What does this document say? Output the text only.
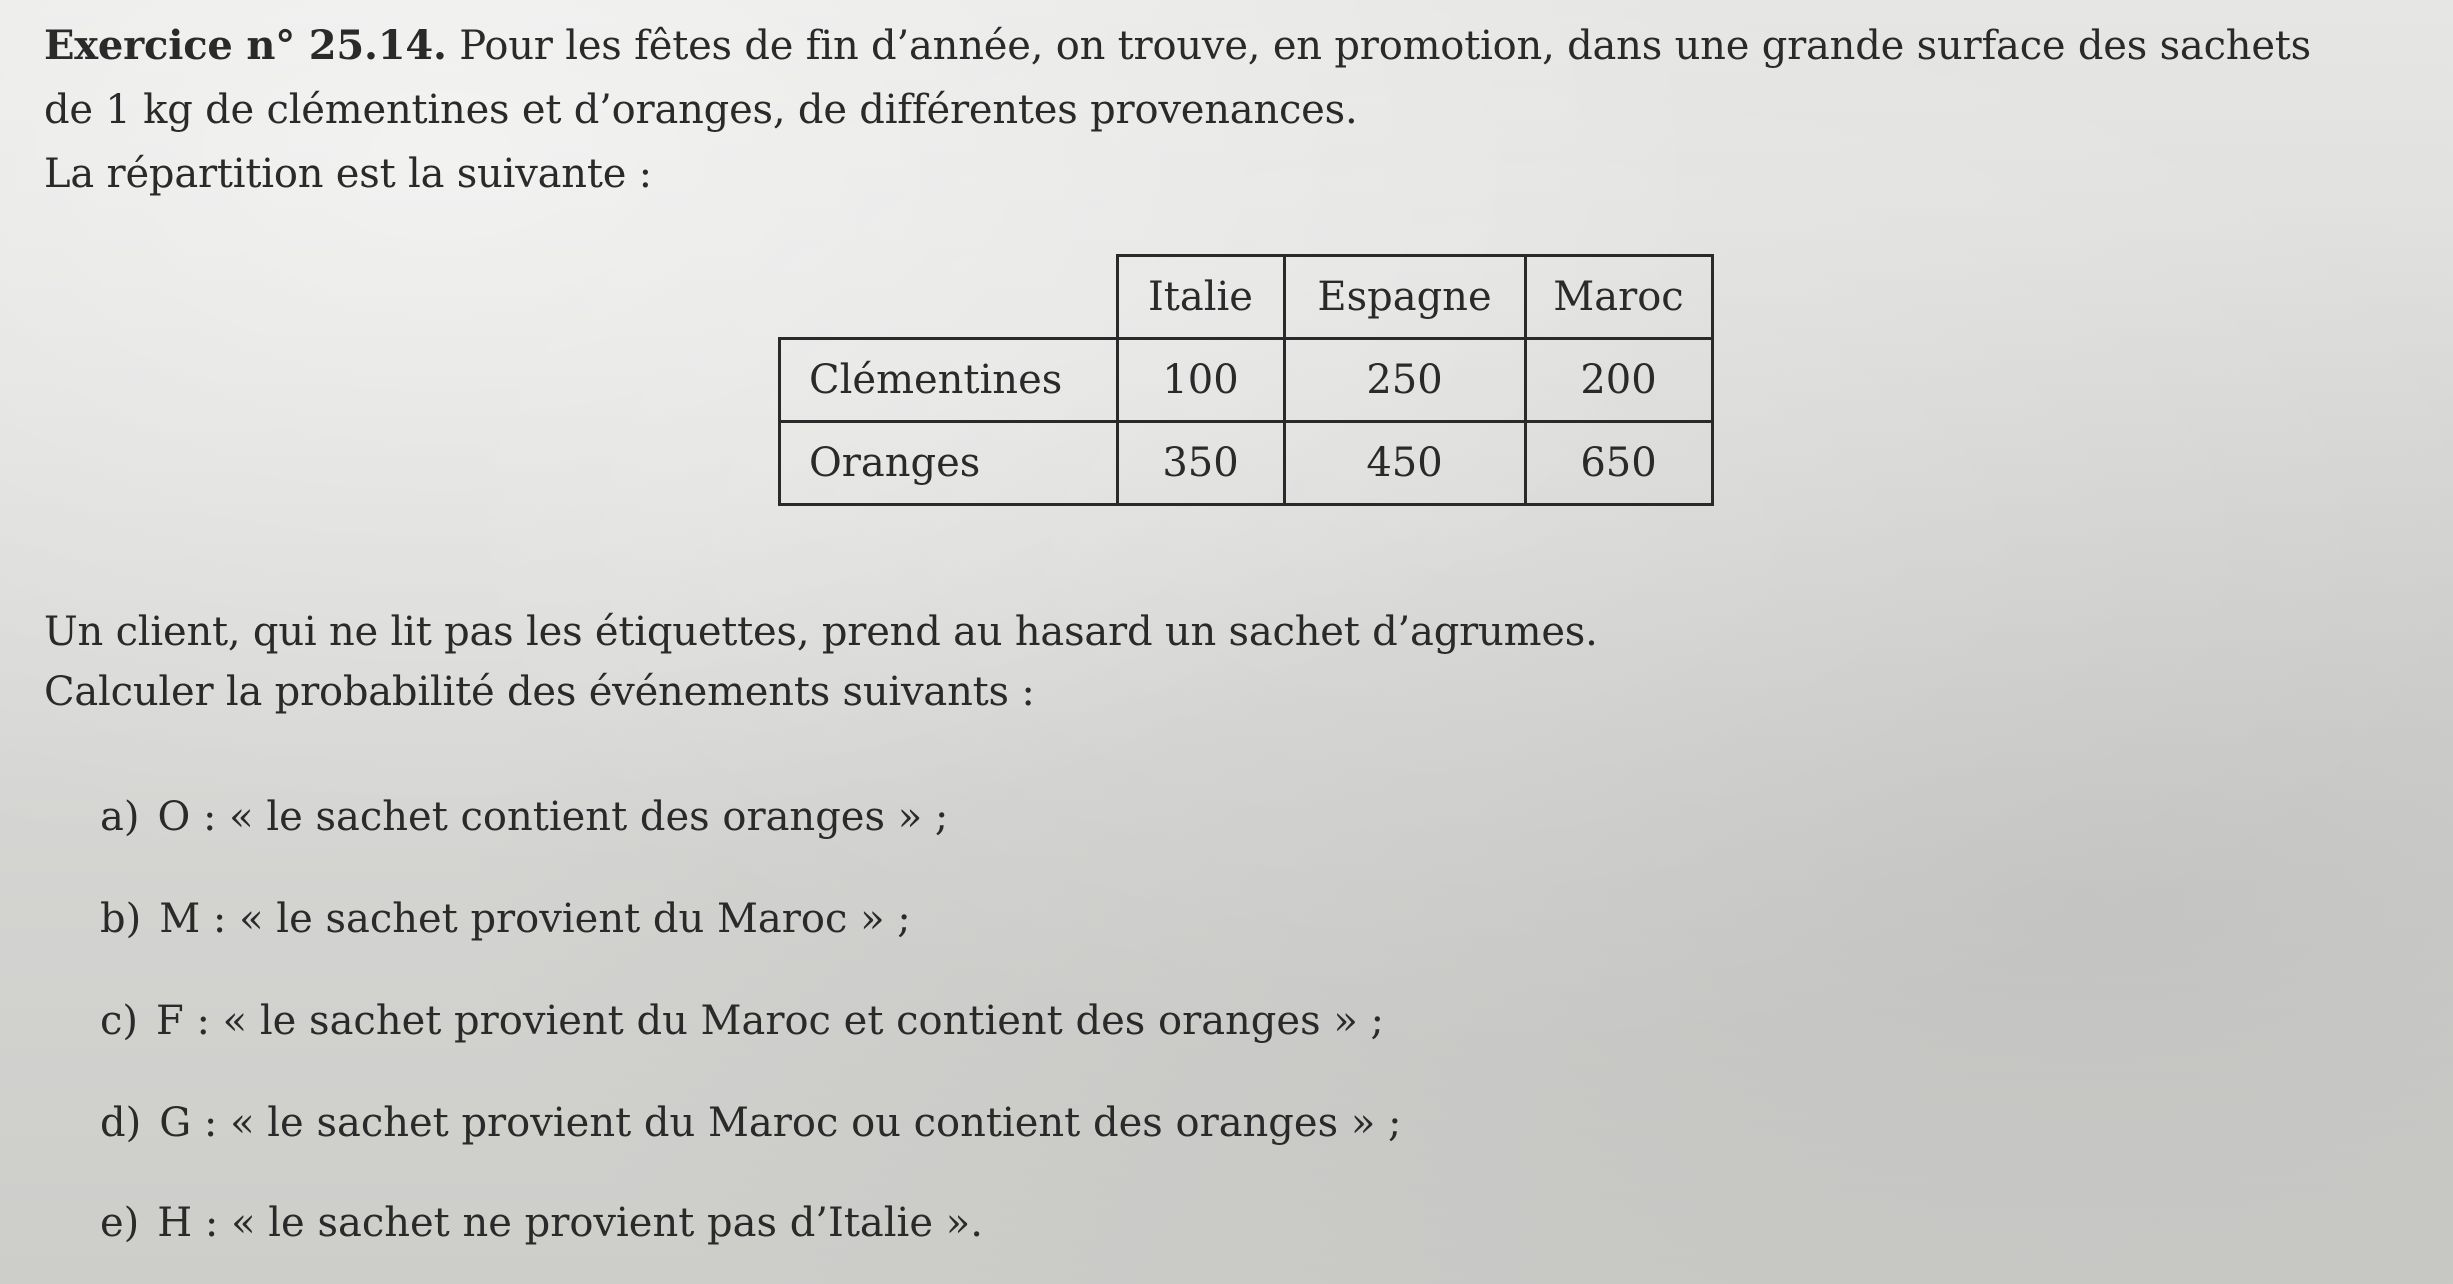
Exercice n° 25.14. Pour les fêtes de fin d’année, on trouve, en promotion, dans une grande surface des sachets
de 1 kg de clémentines et d’oranges, de différentes provenances.
La répartition est la suivante :
	Italie	Espagne	Maroc
Clémentines	100	250	200
Oranges	350	450	650
Un client, qui ne lit pas les étiquettes, prend au hasard un sachet d’agrumes.
Calculer la probabilité des événements suivants :
a) O : « le sachet contient des oranges » ;
b) M : « le sachet provient du Maroc » ;
c) F : « le sachet provient du Maroc et contient des oranges » ;
d) G : « le sachet provient du Maroc ou contient des oranges » ;
e) H : « le sachet ne provient pas d’Italie ».
